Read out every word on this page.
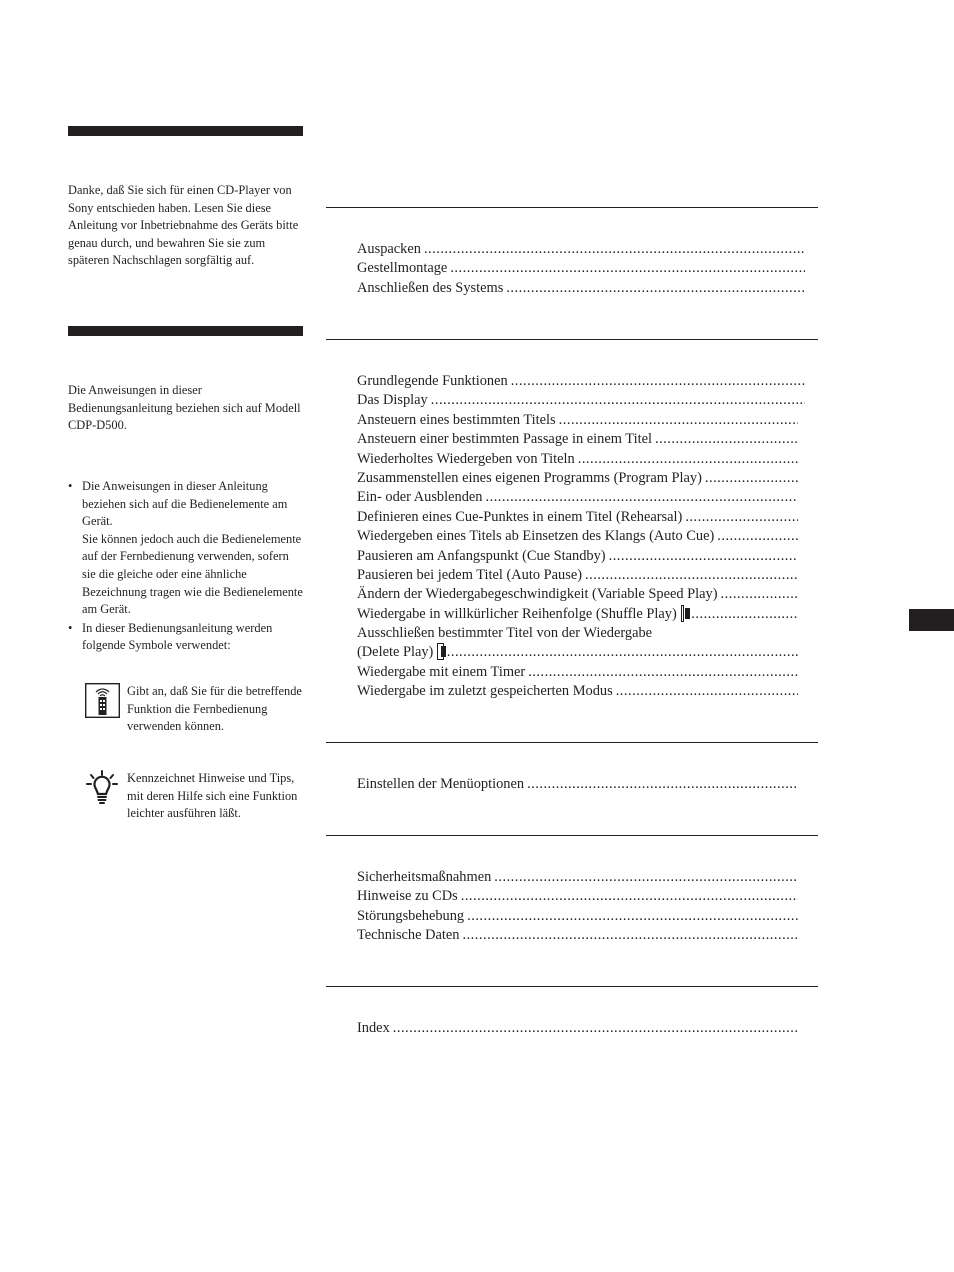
Danke, daß Sie sich für einen CD-Player von Sony entschieden haben. Lesen Sie diese Anleitung vor Inbetriebnahme des Geräts bitte genau durch, und bewahren Sie sie zum späteren Nachschlagen sorgfältig auf.

Die Anweisungen in dieser Bedienungsanleitung beziehen sich auf Modell CDP-D500.

• Die Anweisungen in dieser Anleitung beziehen sich auf die Bedienelemente am Gerät.

Sie können jedoch auch die Bedienelemente auf der Fernbedienung verwenden, sofern sie die gleiche oder eine ähnliche Bezeichnung tragen wie die Bedienelemente am Gerät.

• In dieser Bedienungsanleitung werden folgende Symbole verwendet:

Gibt an, daß Sie für die betreffende Funktion die Fernbedienung verwenden können.
Kennzeichnet Hinweise und Tips, mit deren Hilfe sich eine Funktion leichter ausführen läßt.
Auspacken
.....
Gestellmontage
.....
Anschließen des Systems
.....
Grundlegende Funktionen
.....
Das Display
.....
Ansteuern eines bestimmten Titels
.....
Ansteuern einer bestimmten Passage in einem Titel
.....
Wiederholtes Wiedergeben von Titeln
.....
Zusammenstellen eines eigenen Programms (Program Play)
.....
Ein- oder Ausblenden
.....
Definieren eines Cue-Punktes in einem Titel (Rehearsal)
.....
Wiedergeben eines Titels ab Einsetzen des Klangs (Auto Cue)
.....
Pausieren am Anfangspunkt (Cue Standby)
.....
Pausieren bei jedem Titel (Auto Pause)
.....
Ändern der Wiedergabegeschwindigkeit (Variable Speed Play)
.....
Wiedergabe in willkürlicher Reihenfolge (Shuffle Play)
.....
Ausschließen bestimmter Titel von der Wiedergabe
(Delete Play)
.....
Wiedergabe mit einem Timer
.....
Wiedergabe im zuletzt gespeicherten Modus
.....
Einstellen der Menüoptionen
.....
Sicherheitsmaßnahmen
.....
Hinweise zu CDs
.....
Störungsbehebung
.....
Technische Daten
.....
Index
.....
